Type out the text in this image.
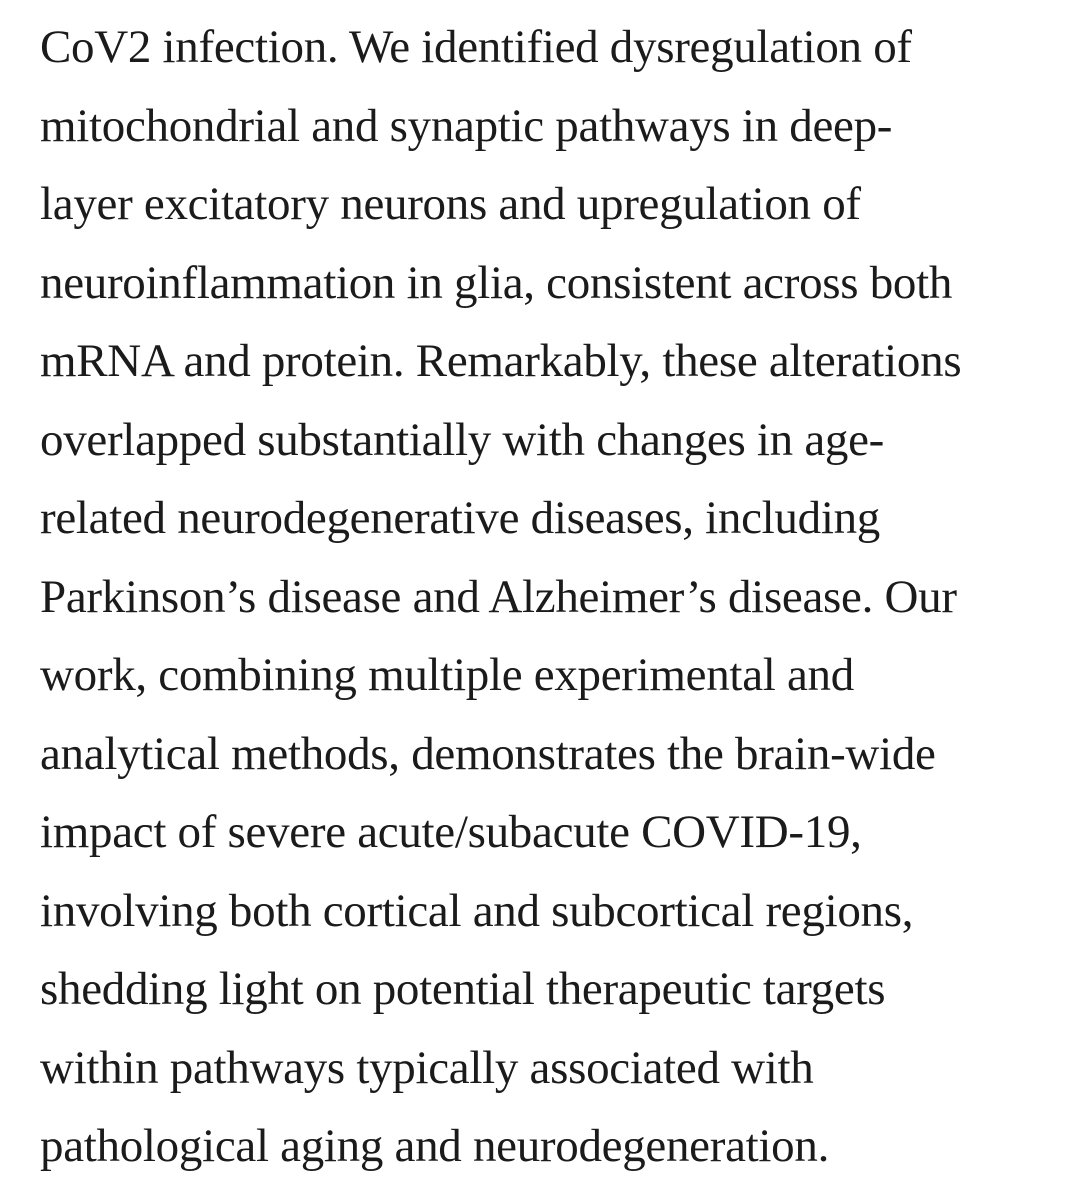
CoV2 infection. We identified dysregulation of
mitochondrial and synaptic pathways in deep-
layer excitatory neurons and upregulation of
neuroinflammation in glia, consistent across both
mRNA and protein. Remarkably, these alterations
overlapped substantially with changes in age-
related neurodegenerative diseases, including
Parkinson’s disease and Alzheimer’s disease. Our
work, combining multiple experimental and
analytical methods, demonstrates the brain-wide
impact of severe acute/subacute COVID-19,
involving both cortical and subcortical regions,
shedding light on potential therapeutic targets
within pathways typically associated with
pathological aging and neurodegeneration.
